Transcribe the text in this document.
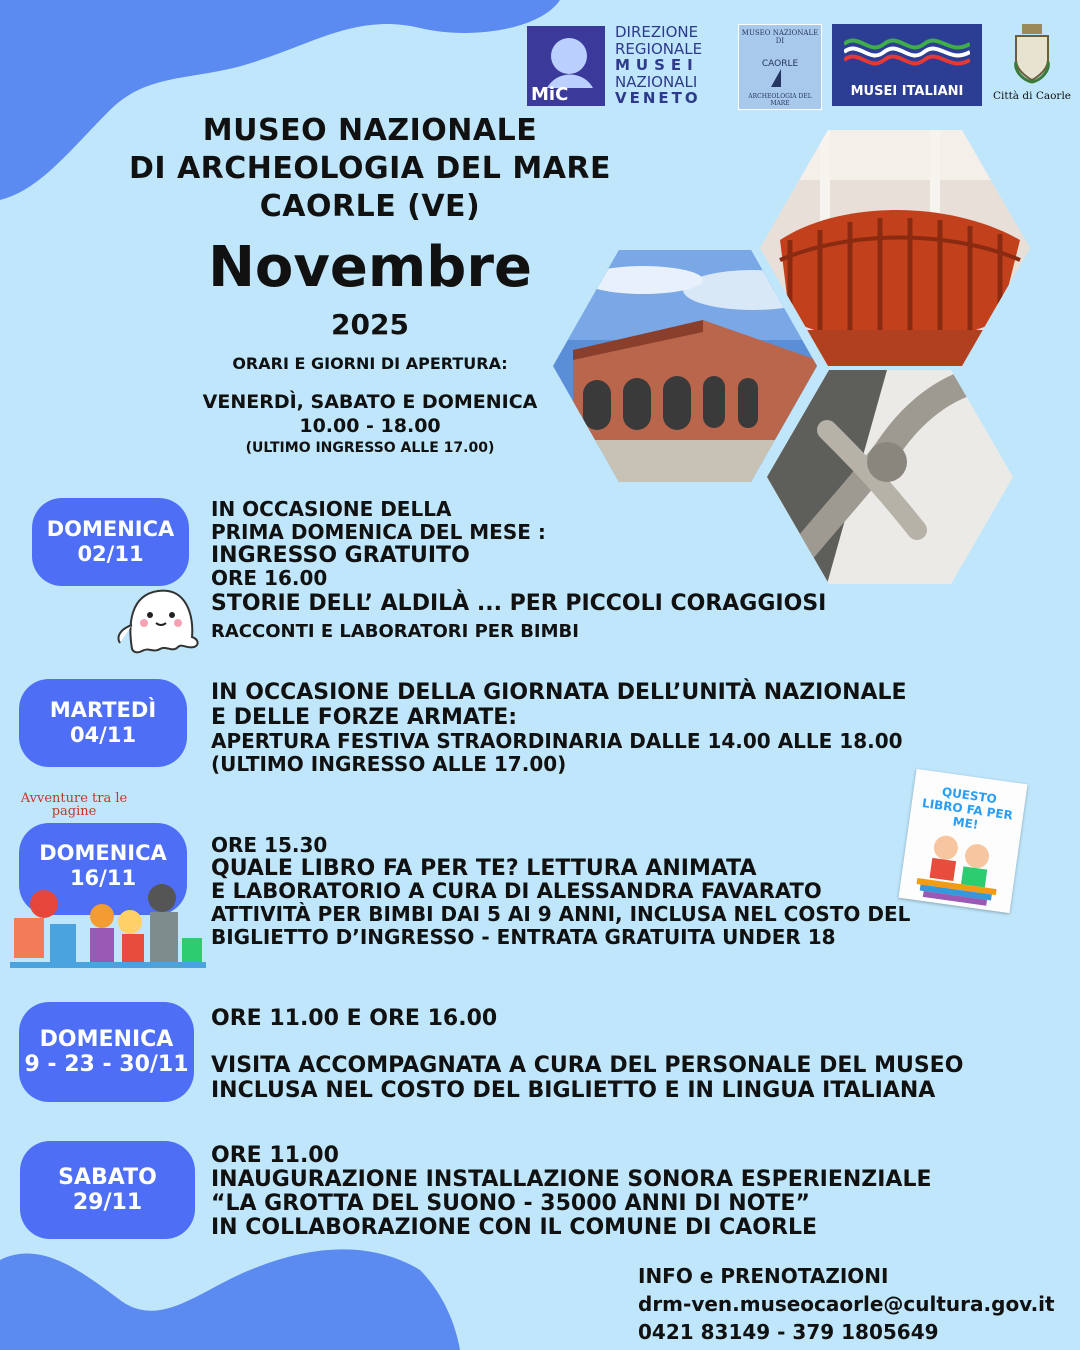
MiC
DIREZIONE
REGIONALE
MUSEI
NAZIONALI
VENETO
MUSEO NAZIONALE DI
CAORLE
ARCHEOLOGIA DEL MARE
MUSEI ITALIANI	Città di Caorle
MUSEO NAZIONALE
DI ARCHEOLOGIA DEL MARE
CAORLE (VE)
Novembre
2025
ORARI E GIORNI DI APERTURA:
VENERDÌ, SABATO E DOMENICA
10.00 - 18.00
(ULTIMO INGRESSO ALLE 17.00)
DOMENICA
02/11
IN OCCASIONE DELLA
PRIMA DOMENICA DEL MESE :
INGRESSO GRATUITO
ORE 16.00
STORIE DELL’ ALDILÀ ... PER PICCOLI CORAGGIOSI
RACCONTI E LABORATORI PER BIMBI
MARTEDÌ
04/11
IN OCCASIONE DELLA GIORNATA DELL’UNITÀ NAZIONALE
E DELLE FORZE ARMATE:
APERTURA FESTIVA STRAORDINARIA DALLE 14.00 ALLE 18.00
(ULTIMO INGRESSO ALLE 17.00)
Avventure tra le pagine
DOMENICA
16/11
ORE 15.30
QUALE LIBRO FA PER TE? LETTURA ANIMATA
E LABORATORIO A CURA DI ALESSANDRA FAVARATO
ATTIVITÀ PER BIMBI DAI 5 AI 9 ANNI, INCLUSA NEL COSTO DEL
BIGLIETTO D’INGRESSO - ENTRATA GRATUITA UNDER 18
QUESTO LIBRO FA PER ME!
DOMENICA
9 - 23 - 30/11
ORE 11.00 E ORE 16.00
VISITA ACCOMPAGNATA A CURA DEL PERSONALE DEL MUSEO
INCLUSA NEL COSTO DEL BIGLIETTO E IN LINGUA ITALIANA
SABATO
29/11
ORE 11.00
INAUGURAZIONE INSTALLAZIONE SONORA ESPERIENZIALE
“LA GROTTA DEL SUONO - 35000 ANNI DI NOTE”
IN COLLABORAZIONE CON IL COMUNE DI CAORLE
INFO e PRENOTAZIONI
drm-ven.museocaorle@cultura.gov.it
0421 83149 - 379 1805649
